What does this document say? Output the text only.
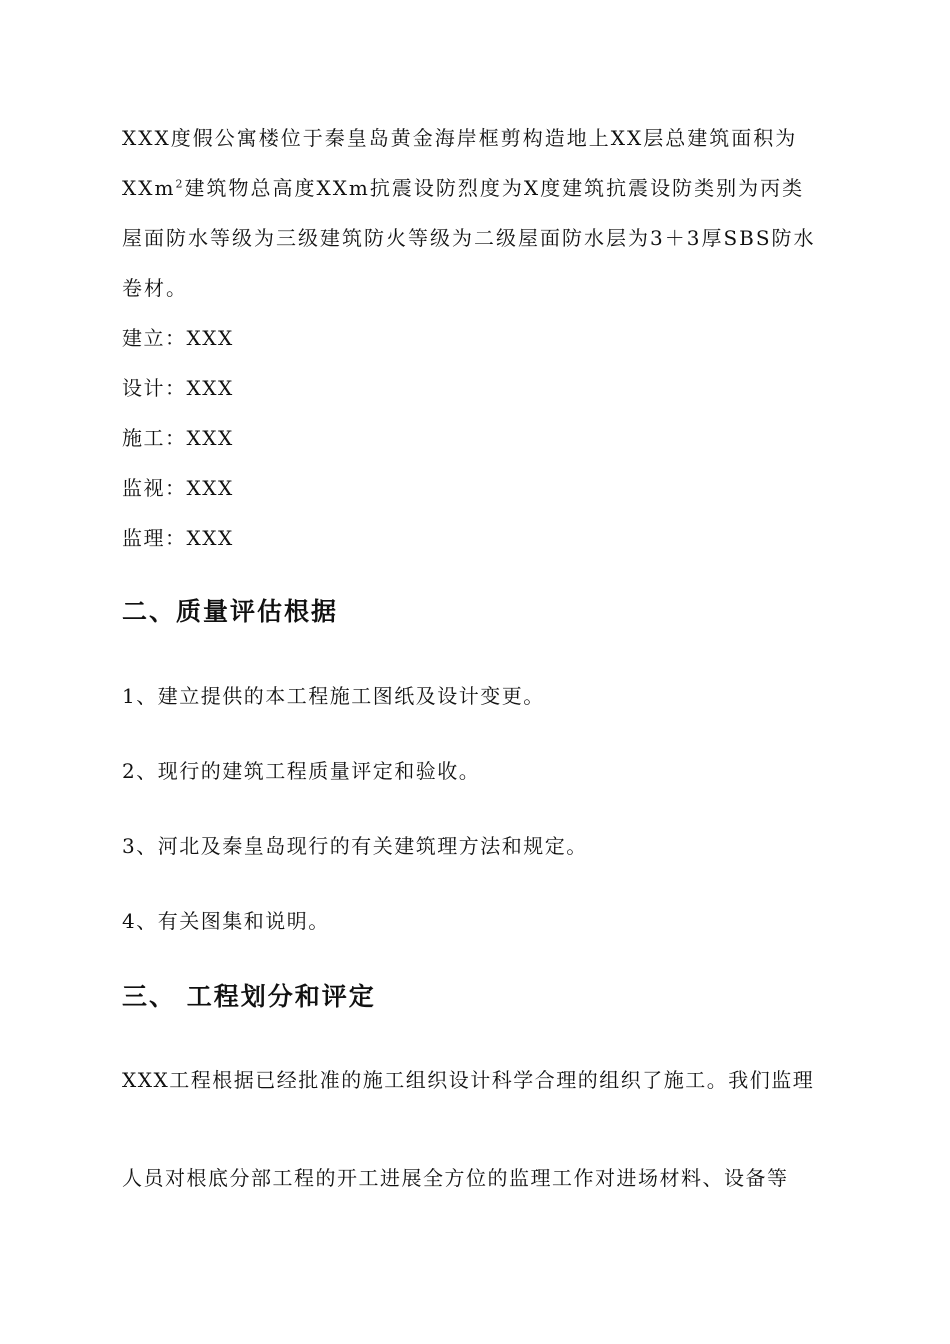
XXX度假公寓楼位于秦皇岛黄金海岸框剪构造地上XX层总建筑面积为

XXm$^2$建筑物总高度XXm抗震设防烈度为X度建筑抗震设防类别为丙类

屋面防水等级为三级建筑防火等级为二级屋面防水层为3＋3厚SBS防水

卷材。

建立：XXX

设计：XXX

施工：XXX

监视：XXX

监理：XXX

二、质量评估根据

1、建立提供的本工程施工图纸及设计变更。

2、现行的建筑工程质量评定和验收。

3、河北及秦皇岛现行的有关建筑理方法和规定。

4、有关图集和说明。

三、 工程划分和评定

XXX工程根据已经批准的施工组织设计科学合理的组织了施工。我们监理

人员对根底分部工程的开工进展全方位的监理工作对进场材料、设备等
